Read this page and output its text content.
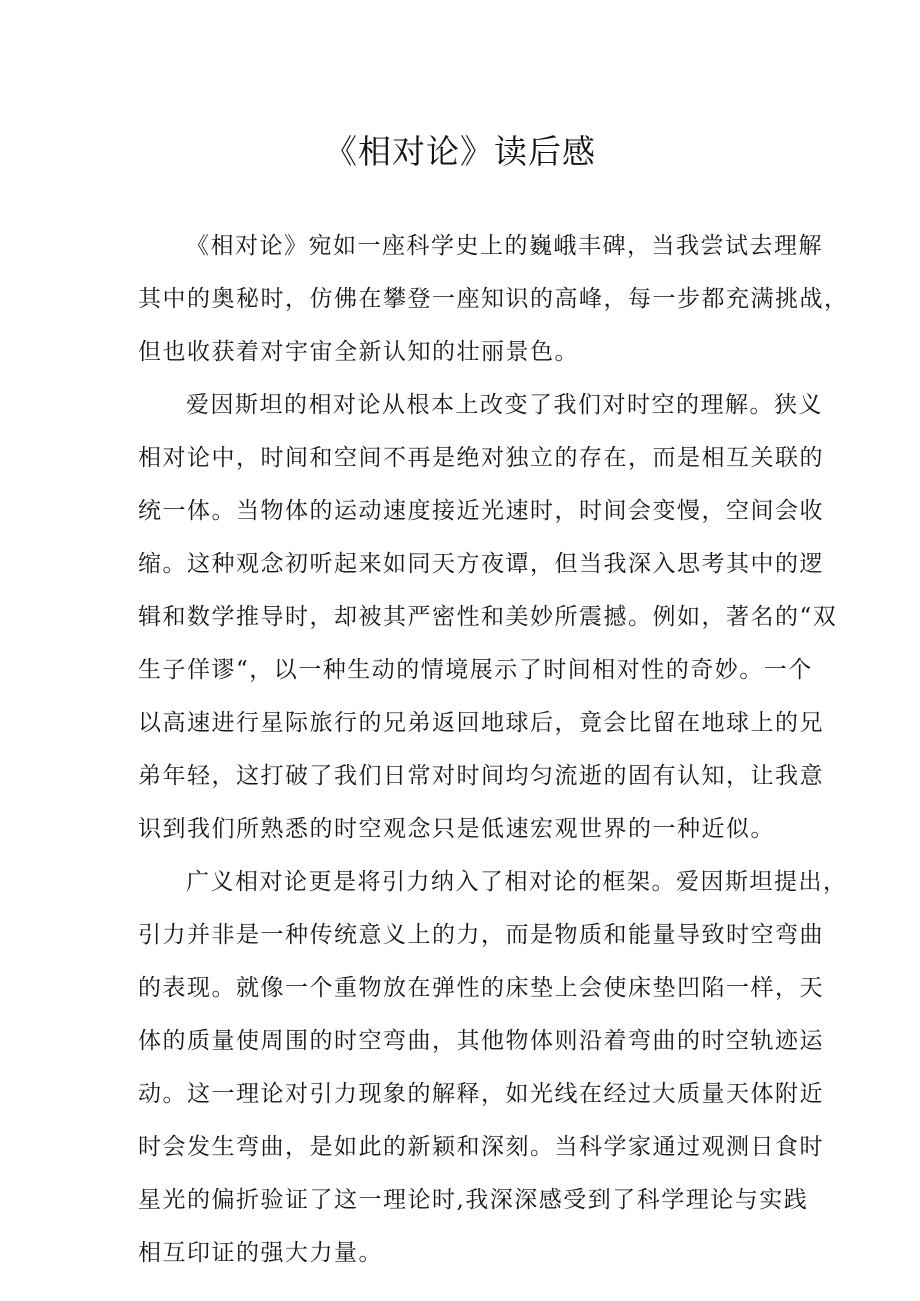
《相对论》读后感
《相对论》宛如一座科学史上的巍峨丰碑，当我尝试去理解
其中的奥秘时，仿佛在攀登一座知识的高峰，每一步都充满挑战，
但也收获着对宇宙全新认知的壮丽景色。
爱因斯坦的相对论从根本上改变了我们对时空的理解。狭义
相对论中，时间和空间不再是绝对独立的存在，而是相互关联的
统一体。当物体的运动速度接近光速时，时间会变慢，空间会收
缩。这种观念初听起来如同天方夜谭，但当我深入思考其中的逻
辑和数学推导时，却被其严密性和美妙所震撼。例如，著名的“双
生子佯谬“，以一种生动的情境展示了时间相对性的奇妙。一个
以高速进行星际旅行的兄弟返回地球后，竟会比留在地球上的兄
弟年轻，这打破了我们日常对时间均匀流逝的固有认知，让我意
识到我们所熟悉的时空观念只是低速宏观世界的一种近似。
广义相对论更是将引力纳入了相对论的框架。爱因斯坦提出，
引力并非是一种传统意义上的力，而是物质和能量导致时空弯曲
的表现。就像一个重物放在弹性的床垫上会使床垫凹陷一样，天
体的质量使周围的时空弯曲，其他物体则沿着弯曲的时空轨迹运
动。这一理论对引力现象的解释，如光线在经过大质量天体附近
时会发生弯曲，是如此的新颖和深刻。当科学家通过观测日食时
星光的偏折验证了这一理论时,我深深感受到了科学理论与实践
相互印证的强大力量。
